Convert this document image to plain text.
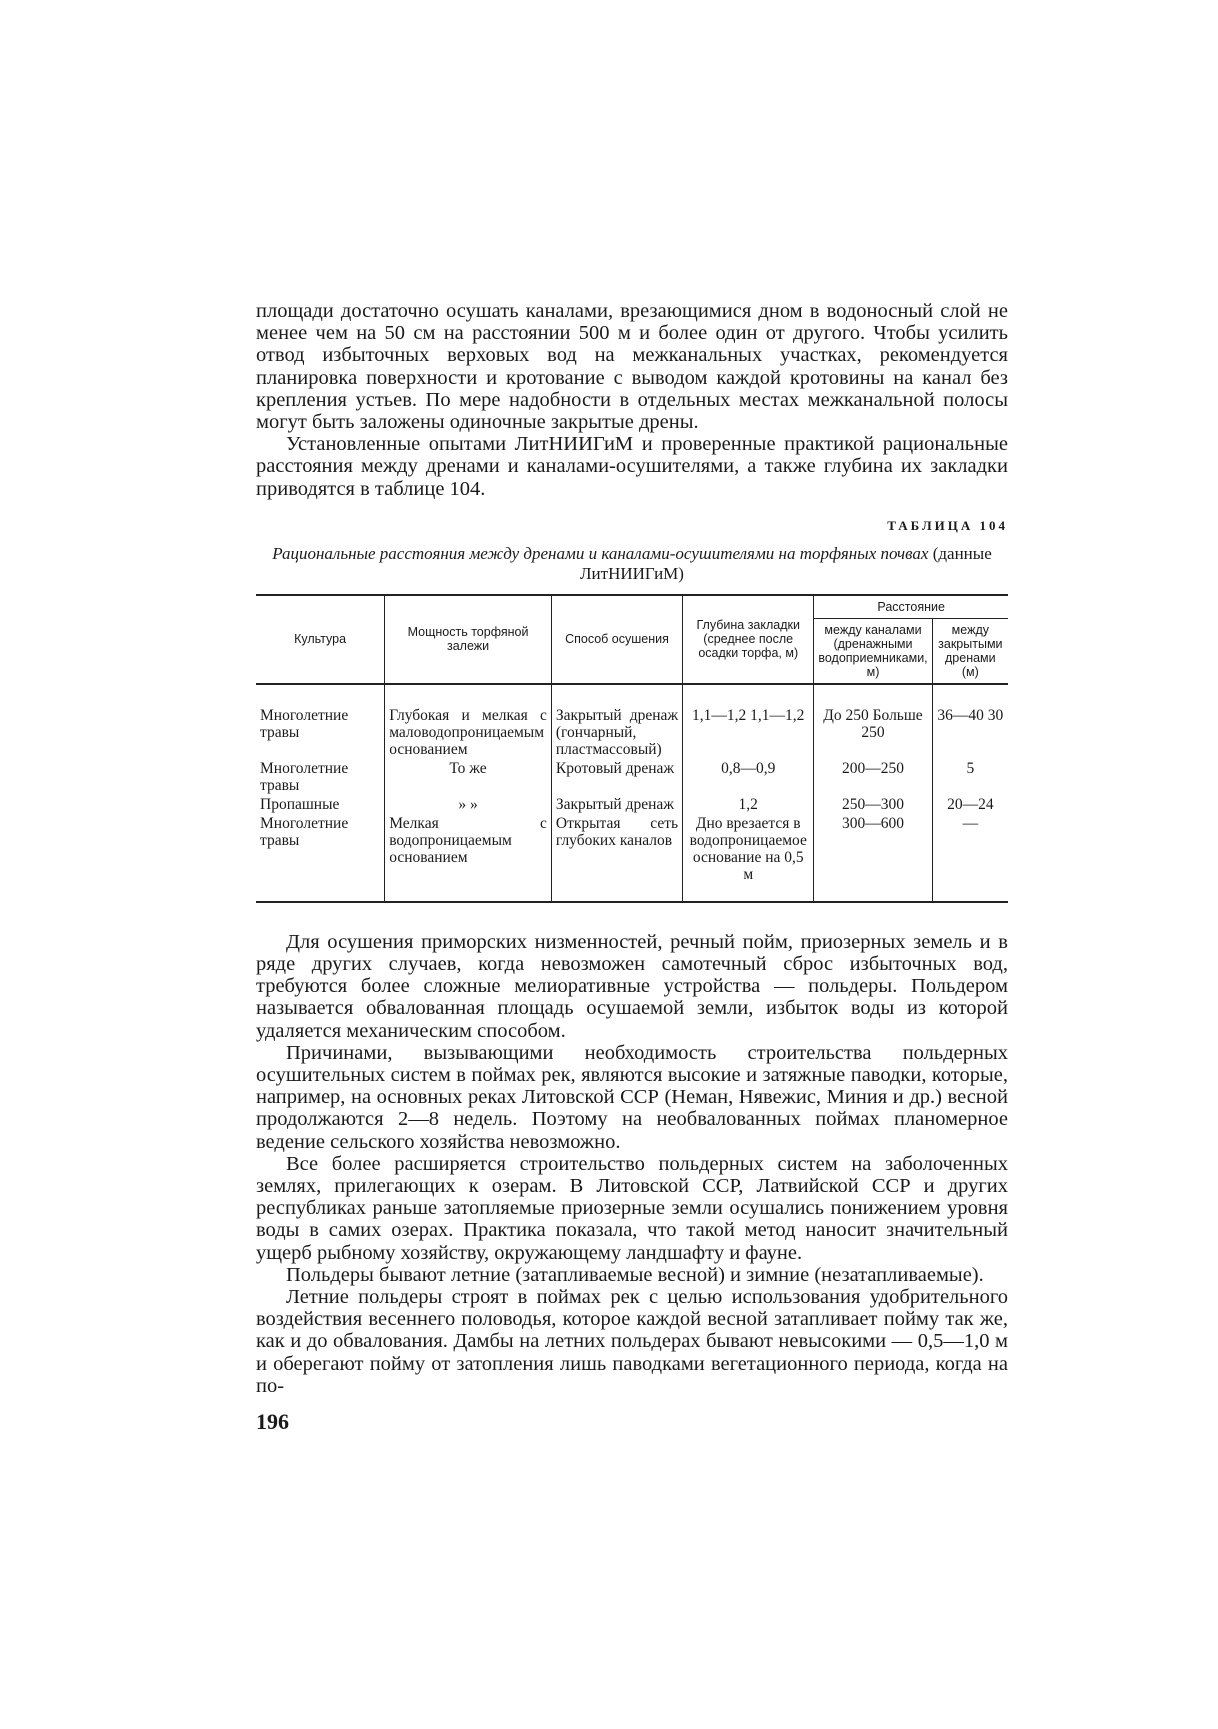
площади достаточно осушать каналами, врезающимися дном в водоносный слой не менее чем на 50 см на расстоянии 500 м и более один от другого. Чтобы усилить отвод избыточных верховых вод на межканальных участках, рекомендуется планировка поверхности и кротование с выводом каждой кротовины на канал без крепления устьев. По мере надобности в отдельных местах межканальной полосы могут быть заложены одиночные закрытые дрены.

Установленные опытами ЛитНИИГиМ и проверенные практикой рациональные расстояния между дренами и каналами-осушителями, а также глубина их закладки приводятся в таблице 104.

ТАБЛИЦА 104

Рациональные расстояния между дренами и каналами-осушителями на торфяных почвах (данные ЛитНИИГиМ)

Культура	Мощность торфяной залежи	Способ осушения	Глубина закладки (среднее после осадки торфа, м)	Расстояние	
				между каналами (дренажными водоприемниками, м)	между закрытыми дренами (м)
Многолетние травы	Глубокая и мелкая с маловодопроницаемым основанием	Закрытый дренаж (гончарный, пластмассовый)	1,1—1,2 1,1—1,2	До 250 Больше 250	36—40 30
Многолетние травы	То же	Кротовый дренаж	0,8—0,9	200—250	5
Пропашные	» »	Закрытый дренаж	1,2	250—300	20—24
Многолетние травы	Мелкая с водопроницаемым основанием	Открытая сеть глубоких каналов	Дно врезается в водопроницаемое основание на 0,5 м	300—600	—

Для осушения приморских низменностей, речный пойм, приозерных земель и в ряде других случаев, когда невозможен самотечный сброс избыточных вод, требуются более сложные мелиоративные устройства — польдеры. Польдером называется обвалованная площадь осушаемой земли, избыток воды из которой удаляется механическим способом.

Причинами, вызывающими необходимость строительства польдерных осушительных систем в поймах рек, являются высокие и затяжные паводки, которые, например, на основных реках Литовской ССР (Неман, Нявежис, Миния и др.) весной продолжаются 2—8 недель. Поэтому на необвалованных поймах планомерное ведение сельского хозяйства невозможно.

Все более расширяется строительство польдерных систем на заболоченных землях, прилегающих к озерам. В Литовской ССР, Латвийской ССР и других республиках раньше затопляемые приозерные земли осушались понижением уровня воды в самих озерах. Практика показала, что такой метод наносит значительный ущерб рыбному хозяйству, окружающему ландшафту и фауне.

Польдеры бывают летние (затапливаемые весной) и зимние (незатапливаемые).

Летние польдеры строят в поймах рек с целью использования удобрительного воздействия весеннего половодья, которое каждой весной затапливает пойму так же, как и до обвалования. Дамбы на летних польдерах бывают невысокими — 0,5—1,0 м и оберегают пойму от затопления лишь паводками вегетационного периода, когда на по-

196
